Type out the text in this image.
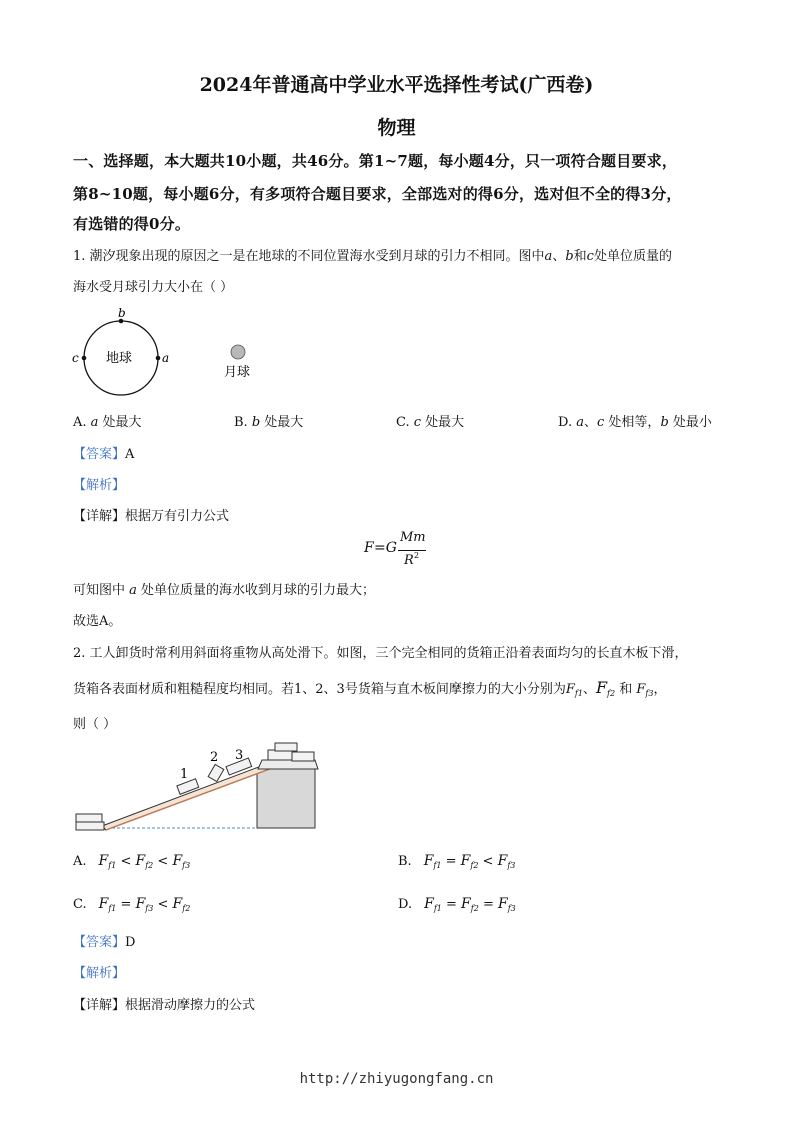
2024年普通高中学业水平选择性考试(广西卷)
物理
一、选择题，本大题共10小题，共46分。第1~7题，每小题4分，只一项符合题目要求，
第8~10题，每小题6分，有多项符合题目要求，全部选对的得6分，选对但不全的得3分，
有选错的得0分。
1. 潮汐现象出现的原因之一是在地球的不同位置海水受到月球的引力不相同。图中a、b和c处单位质量的
海水受月球引力大小在（ ）
b
c	a
地球
月球
A. a 处最大	B. b 处最大	C. c 处最大	D. a、c 处相等，b 处最小
【答案】A
【解析】
【详解】根据万有引力公式
F =G
Mm
R 2
可知图中 a 处单位质量的海水收到月球的引力最大；
故选A。
2. 工人卸货时常利用斜面将重物从高处滑下。如图，三个完全相同的货箱正沿着表面均匀的长直木板下滑，
货箱各表面材质和粗糙程度均相同。若1、2、3号货箱与直木板间摩擦力的大小分别为$F_{f1}$、$F_{f2}$ 和 $F_{f3}$，
则（ ）
1
2 3
A. $F_{f1} < F_{f2} < F_{f3}$	B. $F_{f1} = F_{f2} < F_{f3}$
C. $F_{f1} = F_{f3} < F_{f2}$	D. $F_{f1} = F_{f2} = F_{f3}$
【答案】D
【解析】
【详解】根据滑动摩擦力的公式
http://zhiyugongfang.cn
